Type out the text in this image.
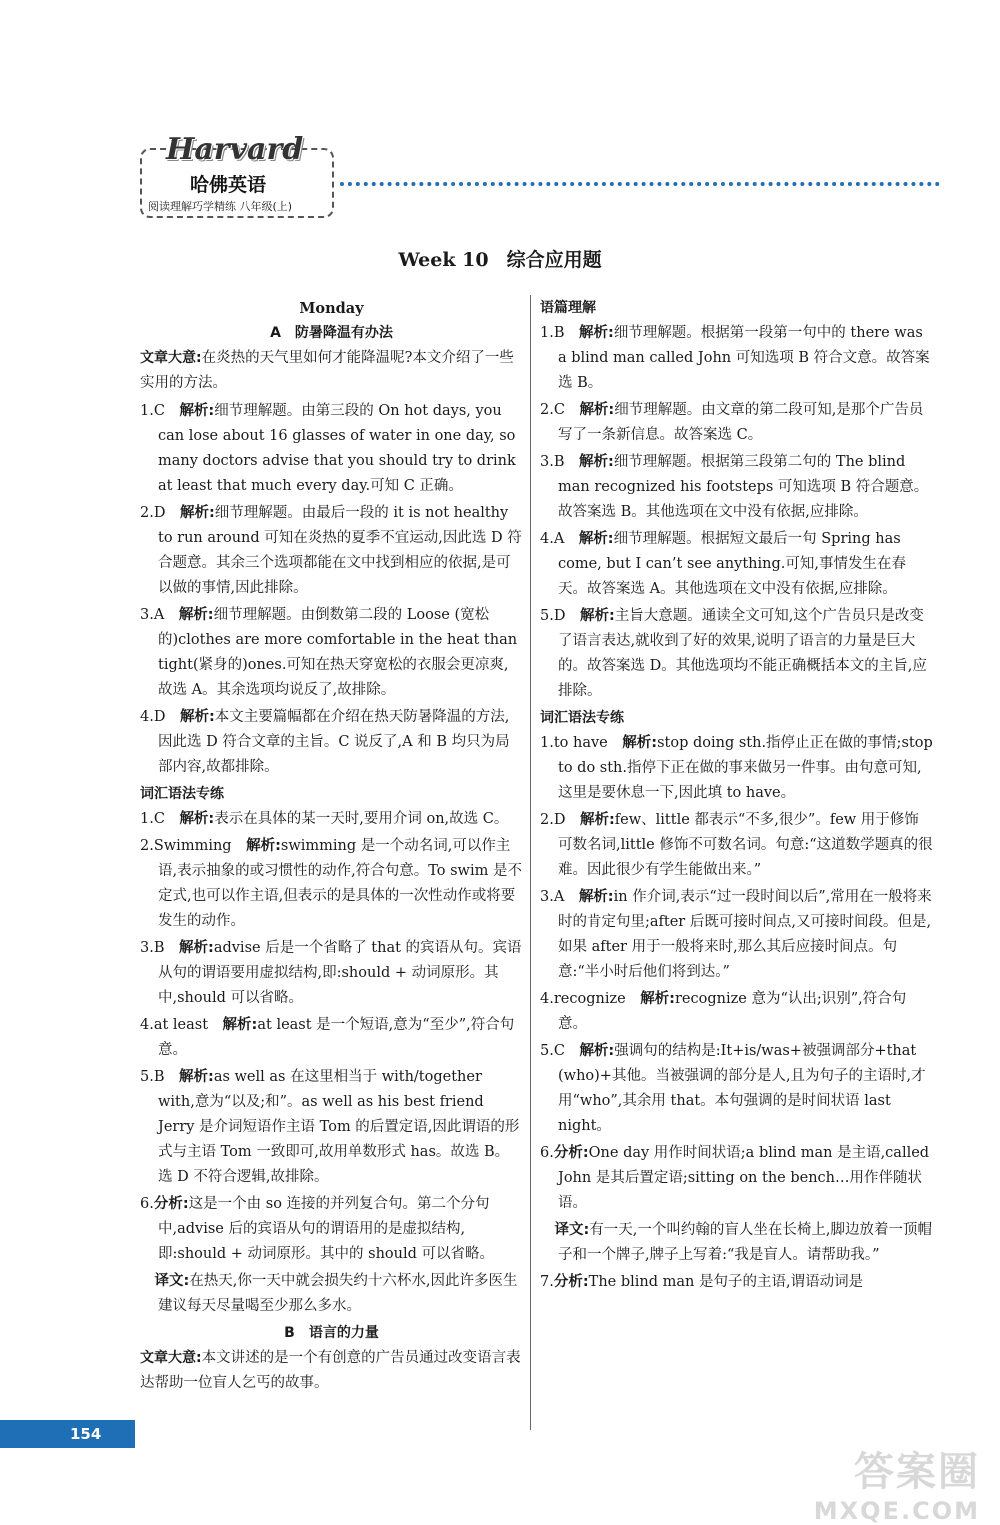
Harvard
哈佛英语
阅读理解巧学精练 八年级(上)
Week 10 综合应用题
Monday
A　防暑降温有办法
文章大意:在炎热的天气里如何才能降温呢?本文介绍了一些实用的方法。
1.C　 解析:细节理解题。由第三段的 On hot days, you can lose about 16 glasses of water in one day, so many doctors advise that you should try to drink at least that much every day.可知 C 正确。
2.D　 解析:细节理解题。由最后一段的 it is not healthy to run around 可知在炎热的夏季不宜运动,因此选 D 符合题意。其余三个选项都能在文中找到相应的依据,是可以做的事情,因此排除。
3.A　 解析:细节理解题。由倒数第二段的 Loose (宽松的)clothes are more comfortable in the heat than tight(紧身的)ones.可知在热天穿宽松的衣服会更凉爽,故选 A。其余选项均说反了,故排除。
4.D　 解析:本文主要篇幅都在介绍在热天防暑降温的方法,因此选 D 符合文章的主旨。C 说反了,A 和 B 均只为局部内容,故都排除。
词汇语法专练
1.C　 解析:表示在具体的某一天时,要用介词 on,故选 C。
2.Swimming　 解析:swimming 是一个动名词,可以作主语,表示抽象的或习惯性的动作,符合句意。To swim 是不定式,也可以作主语,但表示的是具体的一次性动作或将要发生的动作。
3.B　 解析:advise 后是一个省略了 that 的宾语从句。宾语从句的谓语要用虚拟结构,即:should + 动词原形。其中,should 可以省略。
4.at least　 解析:at least 是一个短语,意为“至少”,符合句意。
5.B　 解析:as well as 在这里相当于 with/together with,意为“以及;和”。as well as his best friend Jerry 是介词短语作主语 Tom 的后置定语,因此谓语的形式与主语 Tom 一致即可,故用单数形式 has。故选 B。选 D 不符合逻辑,故排除。
6.分析:这是一个由 so 连接的并列复合句。第二个分句中,advise 后的宾语从句的谓语用的是虚拟结构,即:should + 动词原形。其中的 should 可以省略。
　译文:在热天,你一天中就会损失约十六杯水,因此许多医生建议每天尽量喝至少那么多水。
B　语言的力量
文章大意:本文讲述的是一个有创意的广告员通过改变语言表达帮助一位盲人乞丐的故事。
语篇理解
1.B　 解析:细节理解题。根据第一段第一句中的 there was a blind man called John 可知选项 B 符合文意。故答案选 B。
2.C　 解析:细节理解题。由文章的第二段可知,是那个广告员写了一条新信息。故答案选 C。
3.B　 解析:细节理解题。根据第三段第二句的 The blind man recognized his footsteps 可知选项 B 符合题意。故答案选 B。其他选项在文中没有依据,应排除。
4.A　 解析:细节理解题。根据短文最后一句 Spring has come, but I can’t see anything.可知,事情发生在春天。故答案选 A。其他选项在文中没有依据,应排除。
5.D　 解析:主旨大意题。通读全文可知,这个广告员只是改变了语言表达,就收到了好的效果,说明了语言的力量是巨大的。故答案选 D。其他选项均不能正确概括本文的主旨,应排除。
词汇语法专练
1.to have　 解析:stop doing sth.指停止正在做的事情;stop to do sth.指停下正在做的事来做另一件事。由句意可知,这里是要休息一下,因此填 to have。
2.D　 解析:few、little 都表示“不多,很少”。few 用于修饰可数名词,little 修饰不可数名词。句意:“这道数学题真的很难。因此很少有学生能做出来。”
3.A　 解析:in 作介词,表示“过一段时间以后”,常用在一般将来时的肯定句里;after 后既可接时间点,又可接时间段。但是,如果 after 用于一般将来时,那么其后应接时间点。句意:“半小时后他们将到达。”
4.recognize　 解析:recognize 意为“认出;识别”,符合句意。
5.C　 解析:强调句的结构是:It+is/was+被强调部分+that (who)+其他。当被强调的部分是人,且为句子的主语时,才用“who”,其余用 that。本句强调的是时间状语 last night。
6.分析:One day 用作时间状语;a blind man 是主语,called John 是其后置定语;sitting on the bench…用作伴随状语。
　译文:有一天,一个叫约翰的盲人坐在长椅上,脚边放着一顶帽子和一个牌子,牌子上写着:“我是盲人。请帮助我。”
7.分析:The blind man 是句子的主语,谓语动词是
154
答案圈
MXQE.COM
